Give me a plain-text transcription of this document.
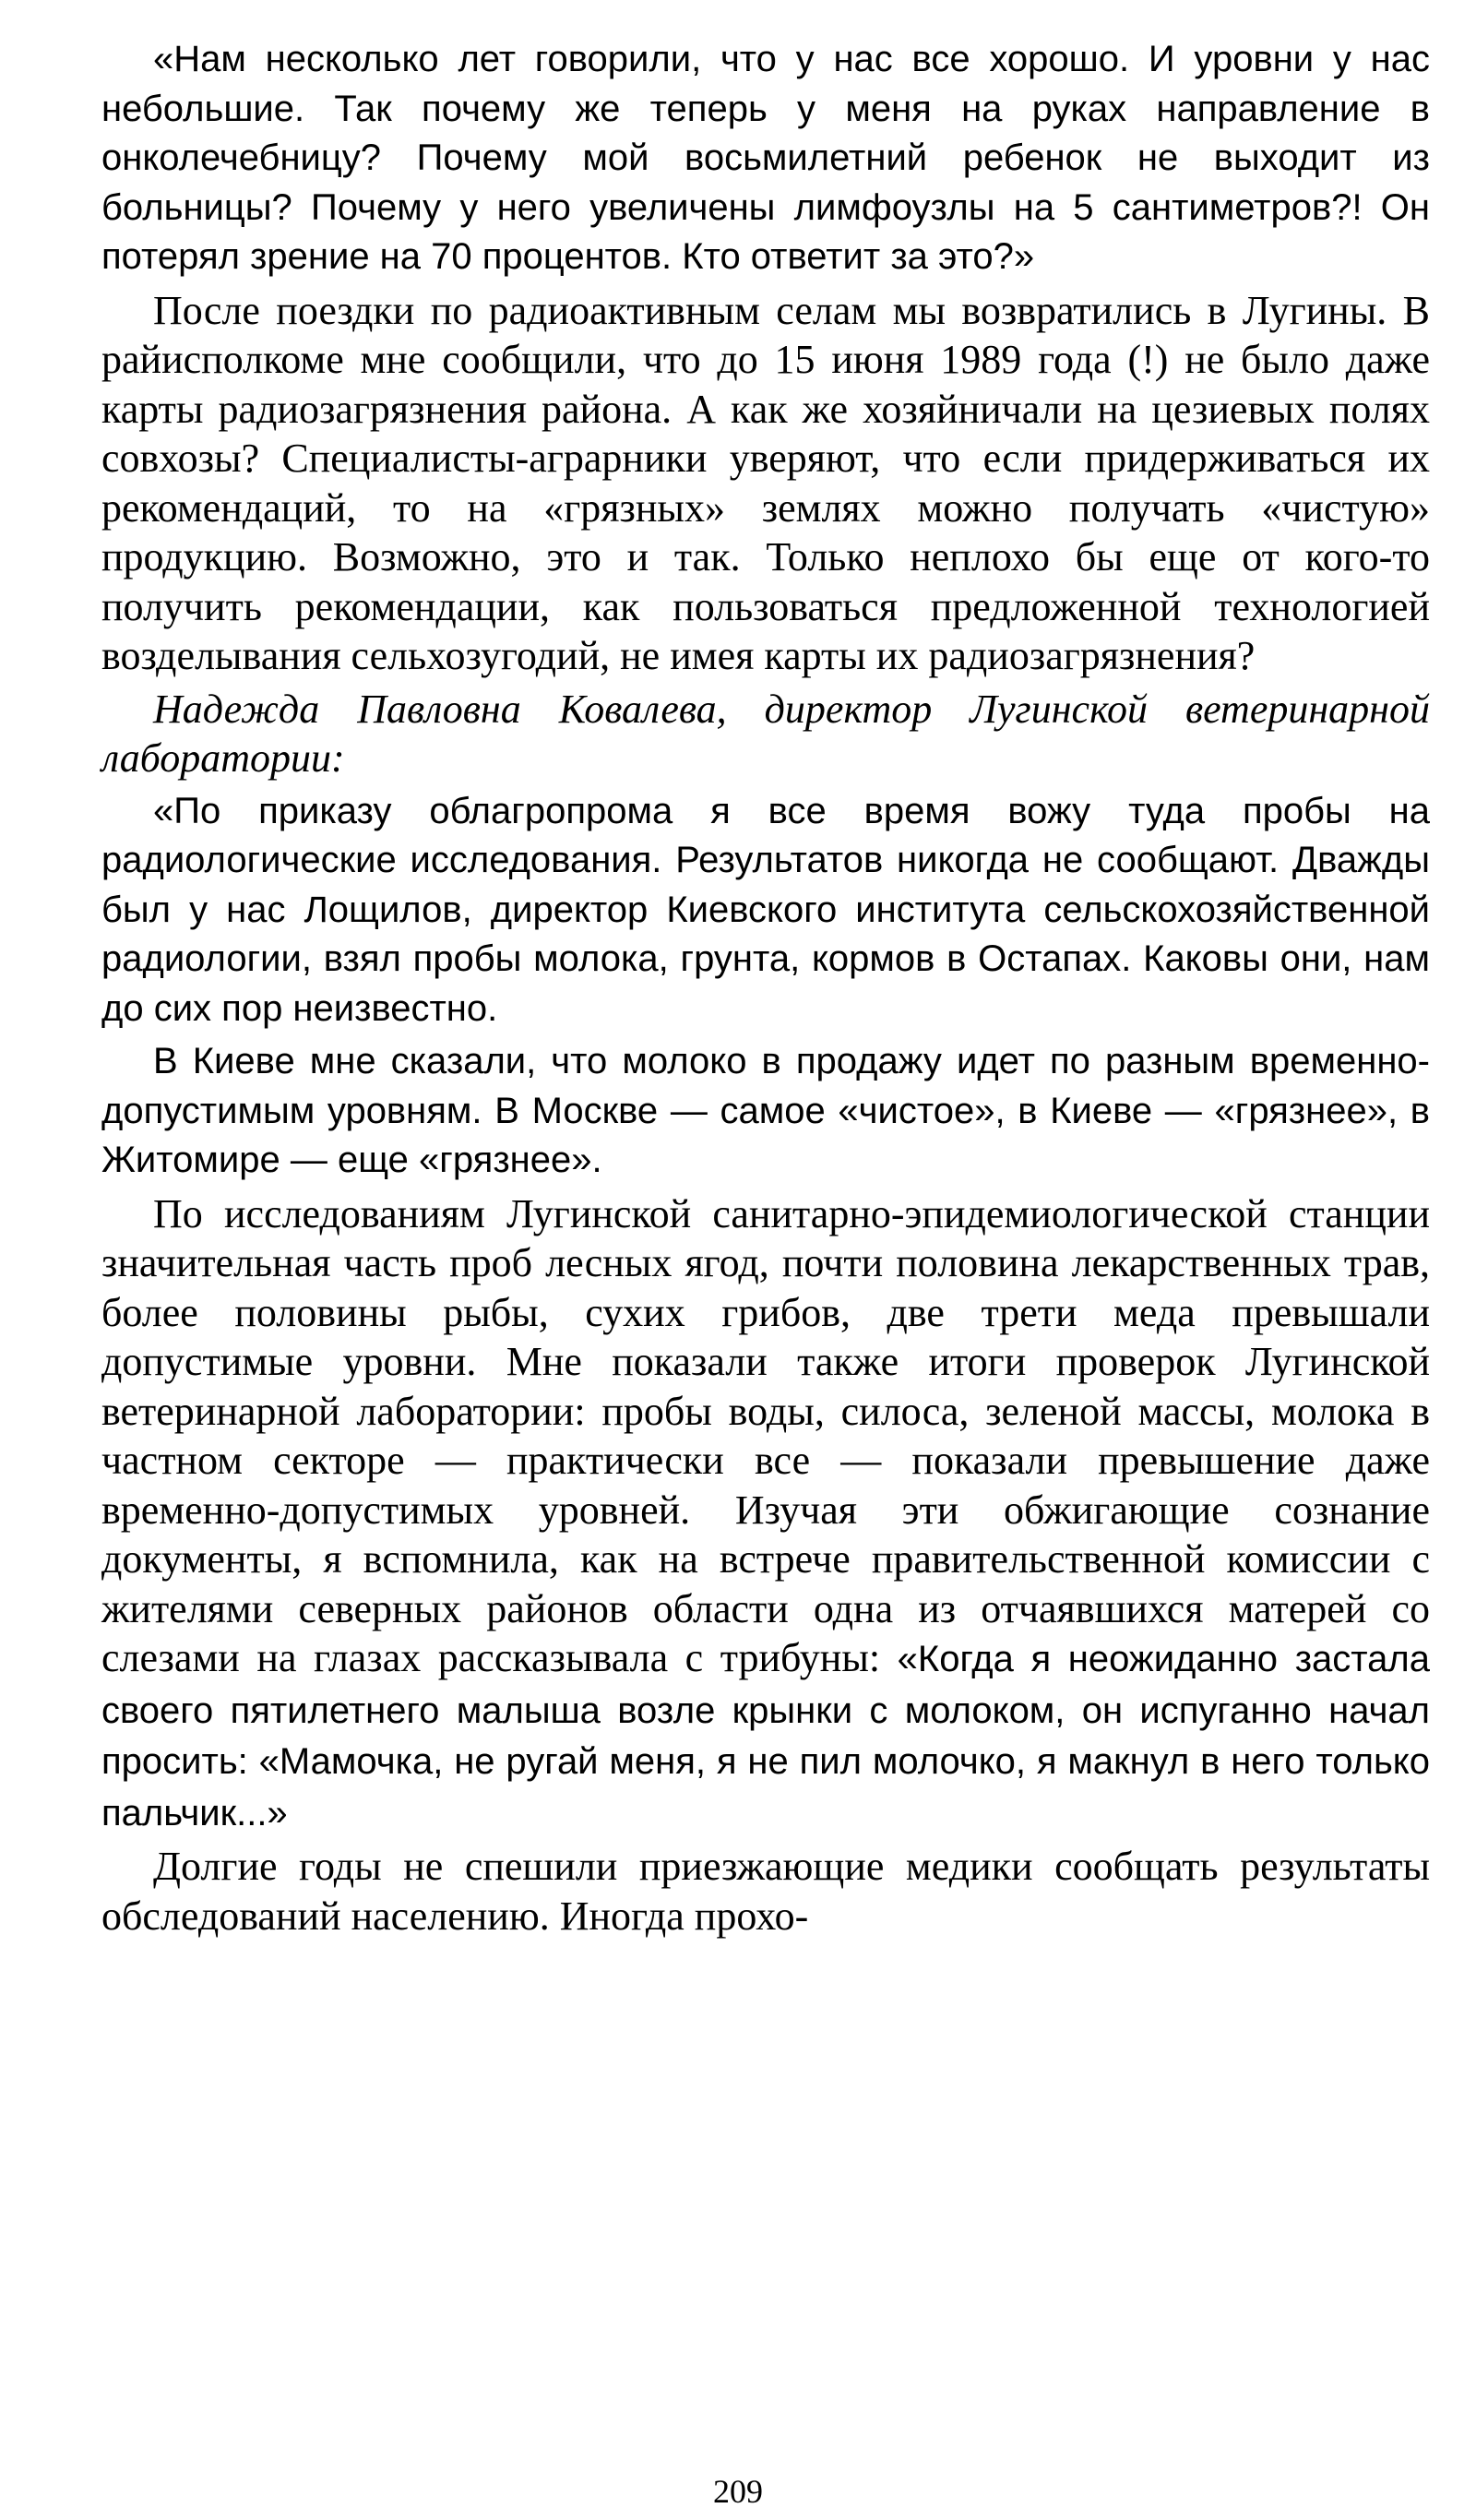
«Нам несколько лет говорили, что у нас все хорошо. И уровни у нас небольшие. Так почему же теперь у меня на руках направление в онколечебницу? Почему мой восьмилетний ребенок не выходит из больницы? Почему у него увеличены лимфоузлы на 5 сантиметров?! Он потерял зрение на 70 процентов. Кто ответит за это?»

После поездки по радиоактивным селам мы возвратились в Лугины. В райисполкоме мне сообщили, что до 15 июня 1989 года (!) не было даже карты радиозагрязнения района. А как же хозяйничали на цезиевых полях совхозы? Специалисты-аграрники уверяют, что если придерживаться их рекомендаций, то на «грязных» землях можно получать «чистую» продукцию. Возможно, это и так. Только неплохо бы еще от кого-то получить рекомендации, как пользоваться предложенной технологией возделывания сельхозугодий, не имея карты их радиозагрязнения?

Надежда Павловна Ковалева, директор Лугинской ветеринарной лаборатории:

«По приказу облагропрома я все время вожу туда пробы на радиологические исследования. Результатов никогда не сообщают. Дважды был у нас Лощилов, директор Киевского института сельскохозяйственной радиологии, взял пробы молока, грунта, кормов в Остапах. Каковы они, нам до сих пор неизвестно.

В Киеве мне сказали, что молоко в продажу идет по разным временно-допустимым уровням. В Москве — самое «чистое», в Киеве — «грязнее», в Житомире — еще «грязнее».

По исследованиям Лугинской санитарно-эпидемиологической станции значительная часть проб лесных ягод, почти половина лекарственных трав, более половины рыбы, сухих грибов, две трети меда превышали допустимые уровни. Мне показали также итоги проверок Лугинской ветеринарной лаборатории: пробы воды, силоса, зеленой массы, молока в частном секторе — практически все — показали превышение даже временно-допустимых уровней. Изучая эти обжигающие сознание документы, я вспомнила, как на встрече правительственной комиссии с жителями северных районов области одна из отчаявшихся матерей со слезами на глазах рассказывала с трибуны: «Когда я неожиданно застала своего пятилетнего малыша возле крынки с молоком, он испуганно начал просить: «Мамочка, не ругай меня, я не пил молочко, я макнул в него только пальчик...»

Долгие годы не спешили приезжающие медики сообщать результаты обследований населению. Иногда прохо-

209
